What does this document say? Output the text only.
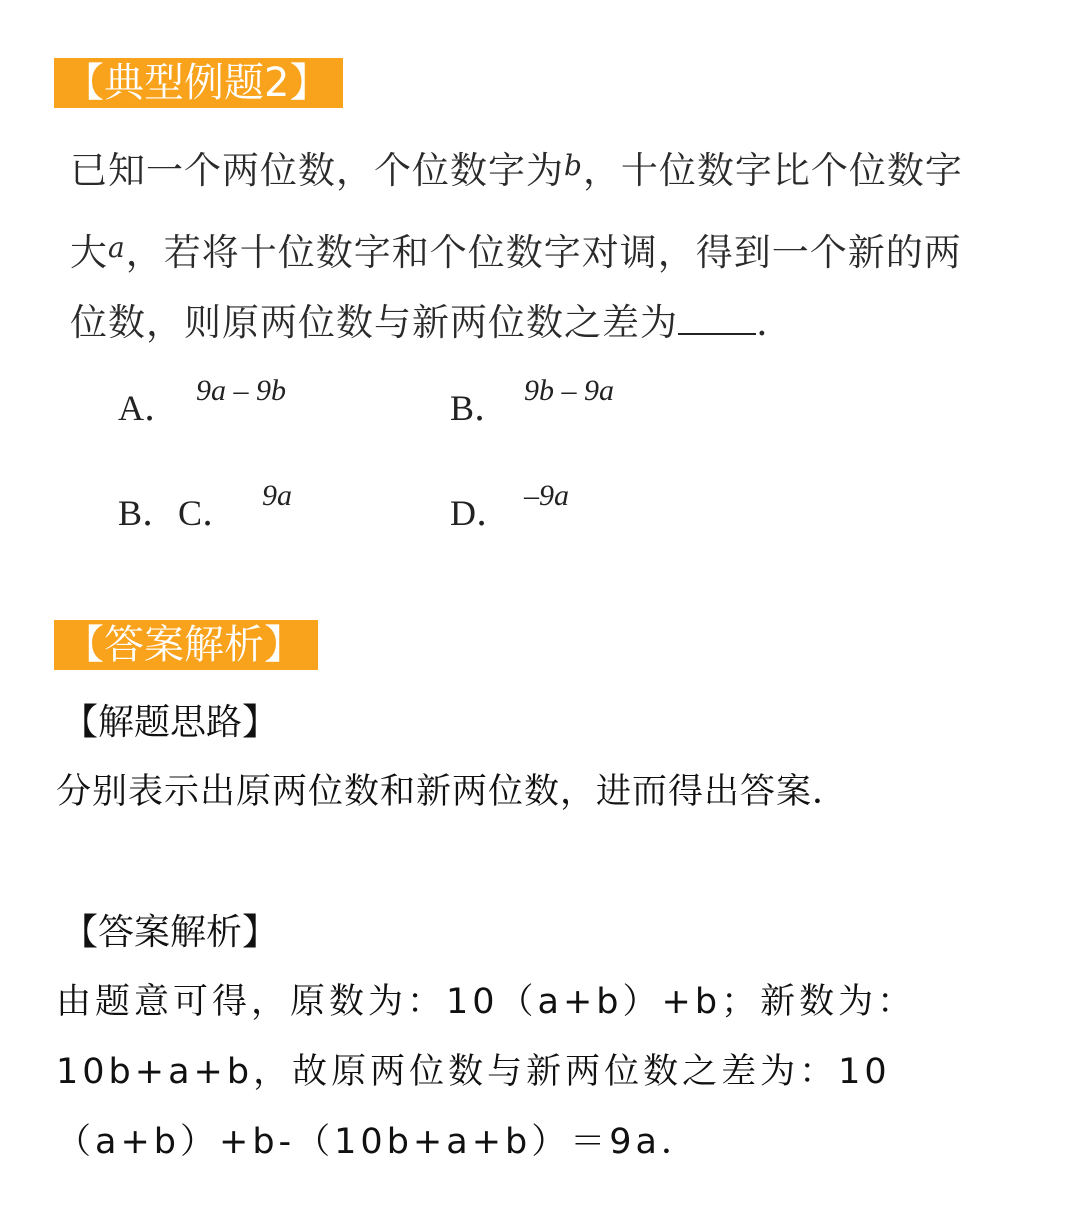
【典型例题2】
已知一个两位数，个位数字为$^b$，十位数字比个位数字
大$^a$，若将十位数字和个位数字对调，得到一个新的两
位数，则原两位数与新两位数之差为 .
A． 9a – 9b	B． 9b – 9a
B．C． 9a	D． –9a
【答案解析】
【解题思路】
分别表示出原两位数和新两位数，进而得出答案．
【答案解析】
由题意可得，原数为：10（a+b）+b；新数为：
10b+a+b，故原两位数与新两位数之差为：10
（a+b）+b-（10b+a+b）＝9a．
